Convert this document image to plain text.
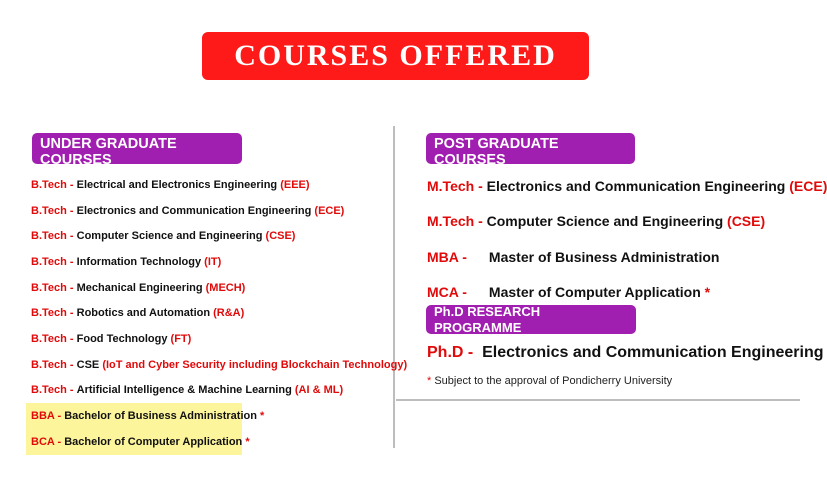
COURSES OFFERED
UNDER GRADUATE COURSES
Duration: 4 Years (8 Semesters)
B.Tech -
Electrical and Electronics Engineering
(EEE)
B.Tech -
Electronics and Communication Engineering
(ECE)
B.Tech -
Computer Science and Engineering
(CSE)
B.Tech -
Information Technology
(IT)
B.Tech -
Mechanical Engineering
(MECH)
B.Tech -
Robotics and Automation
(R&A)
B.Tech -
Food Technology
(FT)
B.Tech -
CSE
(IoT and Cyber Security including Blockchain Technology)
B.Tech -
Artificial Intelligence & Machine Learning
(AI & ML)
BBA -
Bachelor of Business Administration
*
BCA -
Bachelor of Computer Application
*
POST GRADUATE COURSES
Duration: 2 Years (4 Semesters)
M.Tech -
Electronics and Communication Engineering
(ECE)
M.Tech -
Computer Science and Engineering
(CSE)
MBA - Master of Business Administration
MCA - Master of Computer Application
*
Ph.D RESEARCH PROGRAMME
Ph.D -
Electronics and Communication Engineering
* Subject to the approval of Pondicherry University
